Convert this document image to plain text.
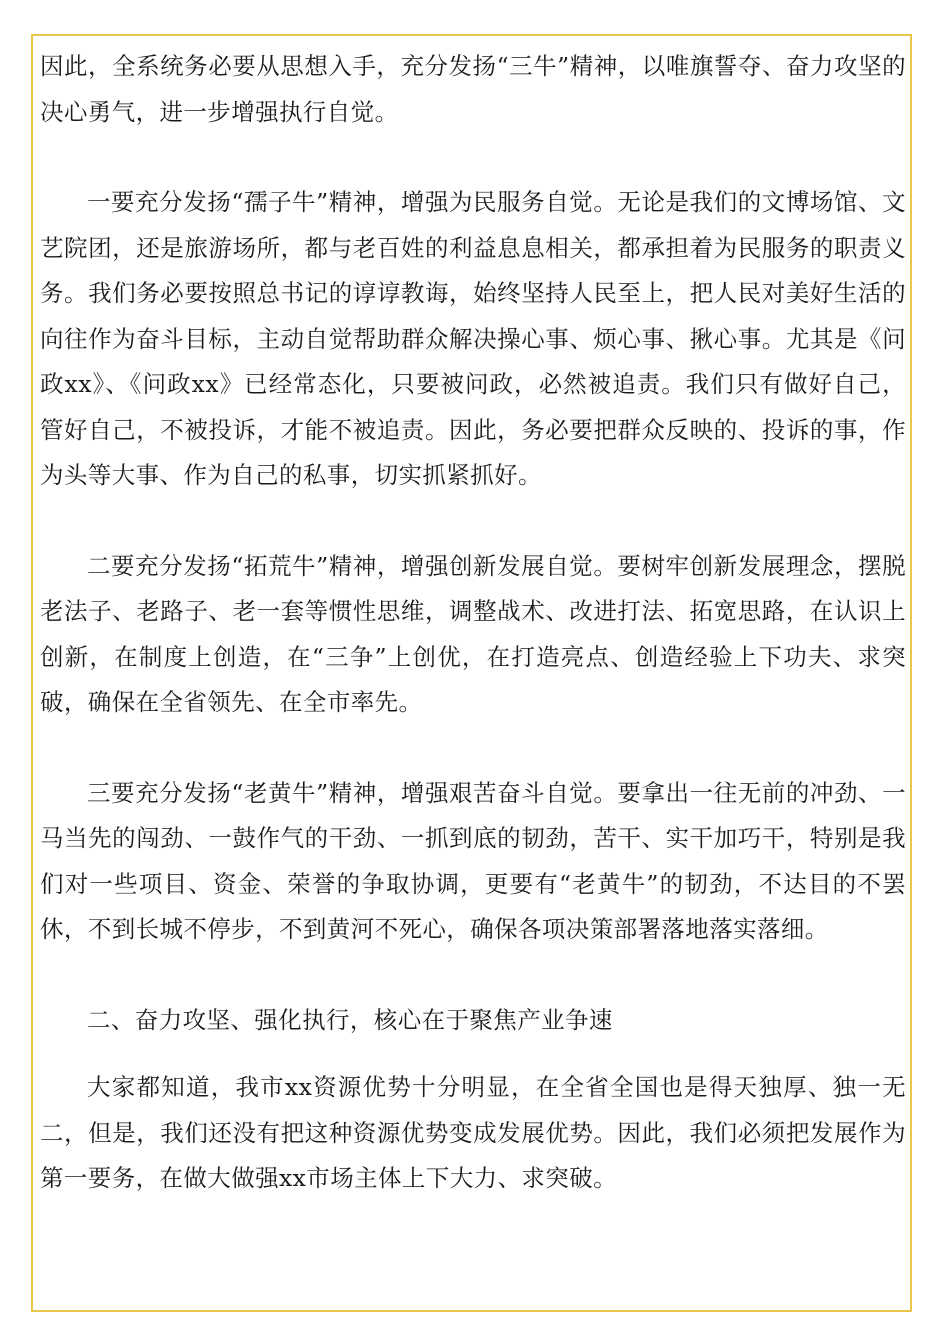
因此，全系统务必要从思想入手，充分发扬“三牛”精神，以唯旗誓夺、奋力攻坚的决心勇气，进一步增强执行自觉。

一要充分发扬“孺子牛”精神，增强为民服务自觉。无论是我们的文博场馆、文艺院团，还是旅游场所，都与老百姓的利益息息相关，都承担着为民服务的职责义务。我们务必要按照总书记的谆谆教诲，始终坚持人民至上，把人民对美好生活的向往作为奋斗目标，主动自觉帮助群众解决操心事、烦心事、揪心事。尤其是《问政xx》、《问政xx》已经常态化，只要被问政，必然被追责。我们只有做好自己，管好自己，不被投诉，才能不被追责。因此，务必要把群众反映的、投诉的事，作为头等大事、作为自己的私事，切实抓紧抓好。

二要充分发扬“拓荒牛”精神，增强创新发展自觉。要树牢创新发展理念，摆脱老法子、老路子、老一套等惯性思维，调整战术、改进打法、拓宽思路，在认识上创新，在制度上创造，在“三争”上创优，在打造亮点、创造经验上下功夫、求突破，确保在全省领先、在全市率先。

三要充分发扬“老黄牛”精神，增强艰苦奋斗自觉。要拿出一往无前的冲劲、一马当先的闯劲、一鼓作气的干劲、一抓到底的韧劲，苦干、实干加巧干，特别是我们对一些项目、资金、荣誉的争取协调，更要有“老黄牛”的韧劲，不达目的不罢休，不到长城不停步，不到黄河不死心，确保各项决策部署落地落实落细。

二、奋力攻坚、强化执行，核心在于聚焦产业争速

大家都知道，我市xx资源优势十分明显，在全省全国也是得天独厚、独一无二，但是，我们还没有把这种资源优势变成发展优势。因此，我们必须把发展作为第一要务，在做大做强xx市场主体上下大力、求突破。
